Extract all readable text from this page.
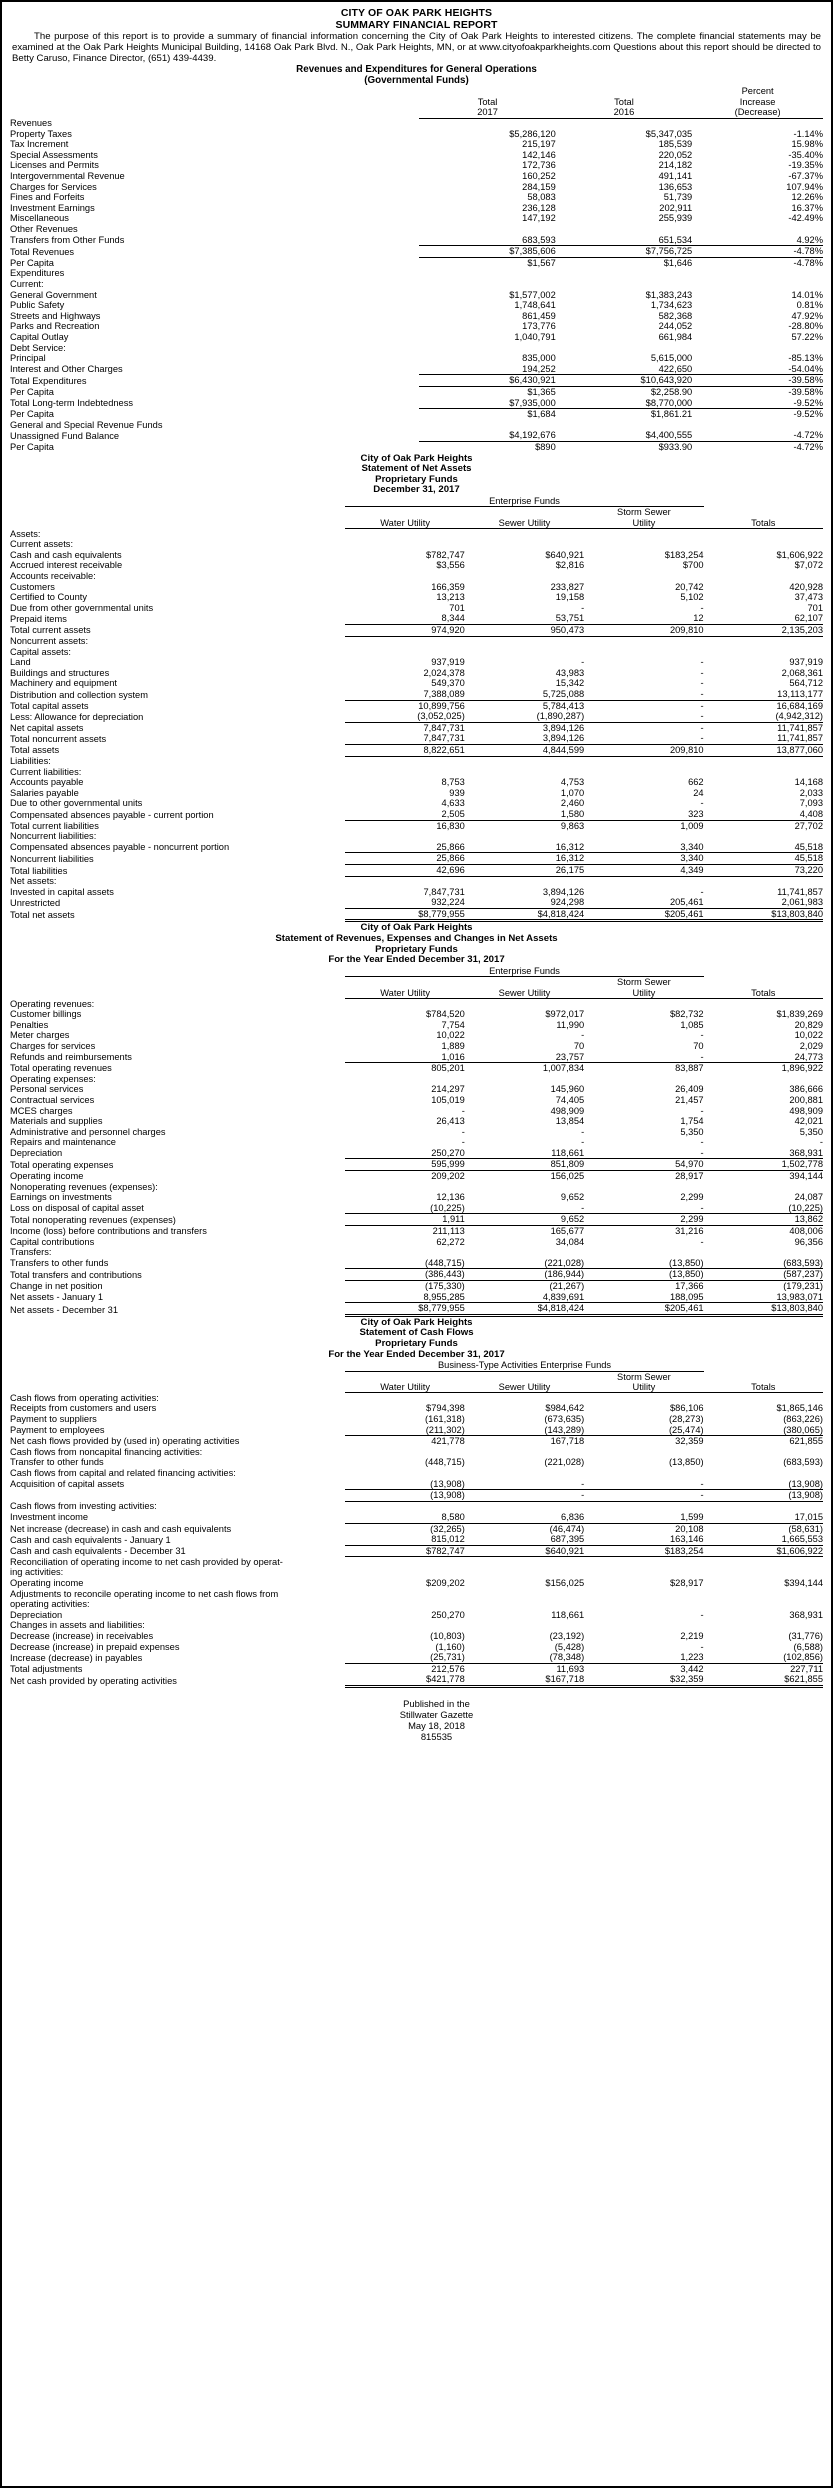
CITY OF OAK PARK HEIGHTS
SUMMARY FINANCIAL REPORT
The purpose of this report is to provide a summary of financial information concerning the City of Oak Park Heights to interested citizens. The complete financial statements may be examined at the Oak Park Heights Municipal Building, 14168 Oak Park Blvd. N., Oak Park Heights, MN, or at www.cityofoakparkheights.com Questions about this report should be directed to Betty Caruso, Finance Director, (651) 439-4439.
Revenues and Expenditures for General Operations
(Governmental Funds)
			Percent
	Total	Total	Increase
	2017	2016	(Decrease)
Revenues			
Property Taxes	$5,286,120	$5,347,035	-1.14%
Tax Increment	215,197	185,539	15.98%
Special Assessments	142,146	220,052	-35.40%
Licenses and Permits	172,736	214,182	-19.35%
Intergovernmental Revenue	160,252	491,141	-67.37%
Charges for Services	284,159	136,653	107.94%
Fines and Forfeits	58,083	51,739	12.26%
Investment Earnings	236,128	202,911	16.37%
Miscellaneous	147,192	255,939	-42.49%
Other Revenues			
Transfers from Other Funds	683,593	651,534	4.92%
Total Revenues	$7,385,606	$7,756,725	-4.78%
Per Capita	$1,567	$1,646	-4.78%
Expenditures			
Current:			
General Government	$1,577,002	$1,383,243	14.01%
Public Safety	1,748,641	1,734,623	0.81%
Streets and Highways	861,459	582,368	47.92%
Parks and Recreation	173,776	244,052	-28.80%
Capital Outlay	1,040,791	661,984	57.22%
Debt Service:			
Principal	835,000	5,615,000	-85.13%
Interest and Other Charges	194,252	422,650	-54.04%
Total Expenditures	$6,430,921	$10,643,920	-39.58%
Per Capita	$1,365	$2,258.90	-39.58%
Total Long-term Indebtedness	$7,935,000	$8,770,000	-9.52%
Per Capita	$1,684	$1,861.21	-9.52%
General and Special Revenue Funds			
Unassigned Fund Balance	$4,192,676	$4,400,555	-4.72%
Per Capita	$890	$933.90	-4.72%
City of Oak Park Heights
Statement of Net Assets
Proprietary Funds
December 31, 2017
	Enterprise Funds			
			Storm Sewer	
	Water Utility	Sewer Utility	Utility	Totals
Assets:				
Current assets:				
Cash and cash equivalents	$782,747	$640,921	$183,254	$1,606,922
Accrued interest receivable	$3,556	$2,816	$700	$7,072
Accounts receivable:				
Customers	166,359	233,827	20,742	420,928
Certified to County	13,213	19,158	5,102	37,473
Due from other governmental units	701	-	-	701
Prepaid items	8,344	53,751	12	62,107
Total current assets	974,920	950,473	209,810	2,135,203
Noncurrent assets:				
Capital assets:				
Land	937,919	-	-	937,919
Buildings and structures	2,024,378	43,983	-	2,068,361
Machinery and equipment	549,370	15,342	-	564,712
Distribution and collection system	7,388,089	5,725,088	-	13,113,177
Total capital assets	10,899,756	5,784,413	-	16,684,169
Less: Allowance for depreciation	(3,052,025)	(1,890,287)	-	(4,942,312)
Net capital assets	7,847,731	3,894,126	-	11,741,857
Total noncurrent assets	7,847,731	3,894,126	-	11,741,857
Total assets	8,822,651	4,844,599	209,810	13,877,060
Liabilities:				
Current liabilities:				
Accounts payable	8,753	4,753	662	14,168
Salaries payable	939	1,070	24	2,033
Due to other governmental units	4,633	2,460	-	7,093
Compensated absences payable - current portion	2,505	1,580	323	4,408
Total current liabilities	16,830	9,863	1,009	27,702
Noncurrent liabilities:				
Compensated absences payable - noncurrent portion	25,866	16,312	3,340	45,518
Noncurrent liabilities	25,866	16,312	3,340	45,518
Total liabilities	42,696	26,175	4,349	73,220
Net assets:				
Invested in capital assets	7,847,731	3,894,126	-	11,741,857
Unrestricted	932,224	924,298	205,461	2,061,983
Total net assets	$8,779,955	$4,818,424	$205,461	$13,803,840
City of Oak Park Heights
Statement of Revenues, Expenses and Changes in Net Assets
Proprietary Funds
For the Year Ended December 31, 2017
	Enterprise Funds			
			Storm Sewer	
	Water Utility	Sewer Utility	Utility	Totals
Operating revenues:				
Customer billings	$784,520	$972,017	$82,732	$1,839,269
Penalties	7,754	11,990	1,085	20,829
Meter charges	10,022	-	-	10,022
Charges for services	1,889	70	70	2,029
Refunds and reimbursements	1,016	23,757	-	24,773
Total operating revenues	805,201	1,007,834	83,887	1,896,922
Operating expenses:				
Personal services	214,297	145,960	26,409	386,666
Contractual services	105,019	74,405	21,457	200,881
MCES charges	-	498,909	-	498,909
Materials and supplies	26,413	13,854	1,754	42,021
Administrative and personnel charges	-	-	5,350	5,350
Repairs and maintenance	-	-	-	-
Depreciation	250,270	118,661	-	368,931
Total operating expenses	595,999	851,809	54,970	1,502,778
Operating income	209,202	156,025	28,917	394,144
Nonoperating revenues (expenses):				
Earnings on investments	12,136	9,652	2,299	24,087
Loss on disposal of capital asset	(10,225)	-	-	(10,225)
Total nonoperating revenues (expenses)	1,911	9,652	2,299	13,862
Income (loss) before contributions and transfers	211,113	165,677	31,216	408,006
Capital contributions	62,272	34,084	-	96,356
Transfers:				
Transfers to other funds	(448,715)	(221,028)	(13,850)	(683,593)
Total transfers and contributions	(386,443)	(186,944)	(13,850)	(587,237)
Change in net position	(175,330)	(21,267)	17,366	(179,231)
Net assets - January 1	8,955,285	4,839,691	188,095	13,983,071
Net assets - December 31	$8,779,955	$4,818,424	$205,461	$13,803,840
City of Oak Park Heights
Statement of Cash Flows
Proprietary Funds
For the Year Ended December 31, 2017
	Business-Type Activities Enterprise Funds			
			Storm Sewer	
	Water Utility	Sewer Utility	Utility	Totals
Cash flows from operating activities:				
Receipts from customers and users	$794,398	$984,642	$86,106	$1,865,146
Payment to suppliers	(161,318)	(673,635)	(28,273)	(863,226)
Payment to employees	(211,302)	(143,289)	(25,474)	(380,065)
Net cash flows provided by (used in) operating activities	421,778	167,718	32,359	621,855
Cash flows from noncapital financing activities:				
Transfer to other funds	(448,715)	(221,028)	(13,850)	(683,593)
Cash flows from capital and related financing activities:				
Acquisition of capital assets	(13,908)	-	-	(13,908)
	(13,908)	-	-	(13,908)
Cash flows from investing activities:				
Investment income	8,580	6,836	1,599	17,015
Net increase (decrease) in cash and cash equivalents	(32,265)	(46,474)	20,108	(58,631)
Cash and cash equivalents - January 1	815,012	687,395	163,146	1,665,553
Cash and cash equivalents - December 31	$782,747	$640,921	$183,254	$1,606,922
Reconciliation of operating income to net cash provided by operat-				
ing activities:				
Operating income	$209,202	$156,025	$28,917	$394,144
Adjustments to reconcile operating income to net cash flows from				
operating activities:				
Depreciation	250,270	118,661	-	368,931
Changes in assets and liabilities:				
Decrease (increase) in receivables	(10,803)	(23,192)	2,219	(31,776)
Decrease (increase) in prepaid expenses	(1,160)	(5,428)	-	(6,588)
Increase (decrease) in payables	(25,731)	(78,348)	1,223	(102,856)
Total adjustments	212,576	11,693	3,442	227,711
Net cash provided by operating activities	$421,778	$167,718	$32,359	$621,855
Published in the
Stillwater Gazette
May 18, 2018
815535
